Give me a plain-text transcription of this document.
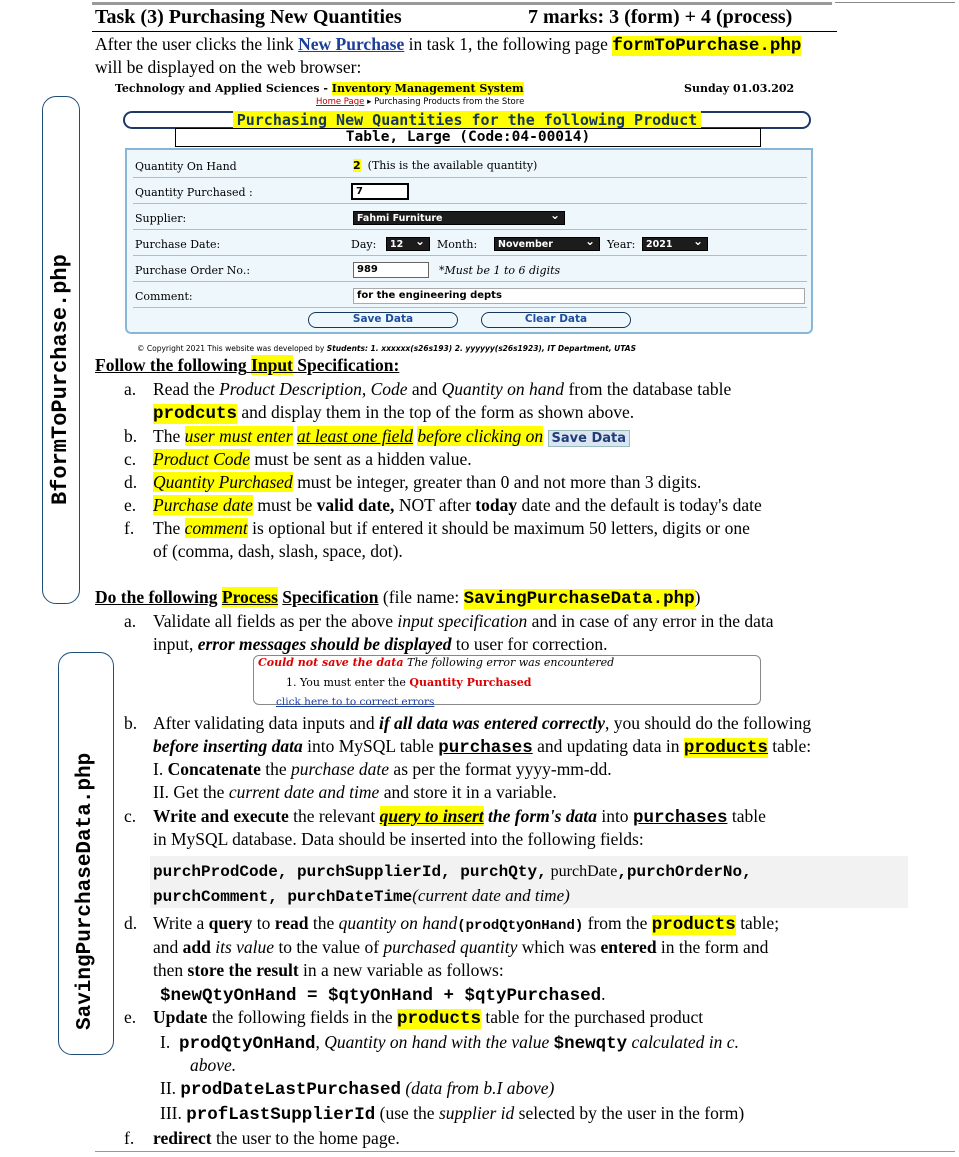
Task (3) Purchasing New Quantities	7 marks: 3 (form) + 4 (process)
After the user clicks the link New Purchase in task 1, the following page formToPurchase.php
will be displayed on the web browser:
BformToPurchase.php
SavingPurchaseData.php
Technology and Applied Sciences - Inventory Management System	Sunday 01.03.202
Home Page ▸ Purchasing Products from the Store
Purchasing New Quantities for the following Product
Table, Large (Code:04-00014)
Quantity On Hand	2 (This is the available quantity)
Quantity Purchased :	7
Supplier:	Fahmi Furniture ⌄
Purchase Date:	Day:	12 ⌄	Month:	November ⌄	Year:	2021 ⌄
Purchase Order No.:	989	*Must be 1 to 6 digits
Comment:	for the engineering depts
Save Data	Clear Data
© Copyright 2021 This website was developed by Students: 1. xxxxxx(s26s193) 2. yyyyyy(s26s1923), IT Department, UTAS
Follow the following Input Specification:
a. Read the Product Description, Code and Quantity on hand from the database table
prodcuts and display them in the top of the form as shown above.
b. The user must enter at least one field before clicking on Save Data
c. Product Code must be sent as a hidden value.
d. Quantity Purchased must be integer, greater than 0 and not more than 3 digits.
e. Purchase date must be valid date, NOT after today date and the default is today's date
f. The comment is optional but if entered it should be maximum 50 letters, digits or one
of (comma, dash, slash, space, dot).
Do the following Process Specification (file name: SavingPurchaseData.php)
a. Validate all fields as per the above input specification and in case of any error in the data
input, error messages should be displayed to user for correction.
Could not save the data The following error was encountered
1. You must enter the Quantity Purchased
click here to to correct errors
b. After validating data inputs and if all data was entered correctly, you should do the following
before inserting data into MySQL table purchases and updating data in products table:
I. Concatenate the purchase date as per the format yyyy-mm-dd.
II. Get the current date and time and store it in a variable.
c. Write and execute the relevant query to insert the form's data into purchases table
in MySQL database. Data should be inserted into the following fields:
purchProdCode, purchSupplierId, purchQty, purchDate,purchOrderNo,
purchComment, purchDateTime(current date and time)
d. Write a query to read the quantity on hand(prodQtyOnHand) from the products table;
and add its value to the value of purchased quantity which was entered in the form and
then store the result in a new variable as follows:
$newQtyOnHand = $qtyOnHand + $qtyPurchased.
e. Update the following fields in the products table for the purchased product
I. prodQtyOnHand, Quantity on hand with the value $newqty calculated in c.
above.
II. prodDateLastPurchased (data from b.I above)
III. profLastSupplierId (use the supplier id selected by the user in the form)
f. redirect the user to the home page.
